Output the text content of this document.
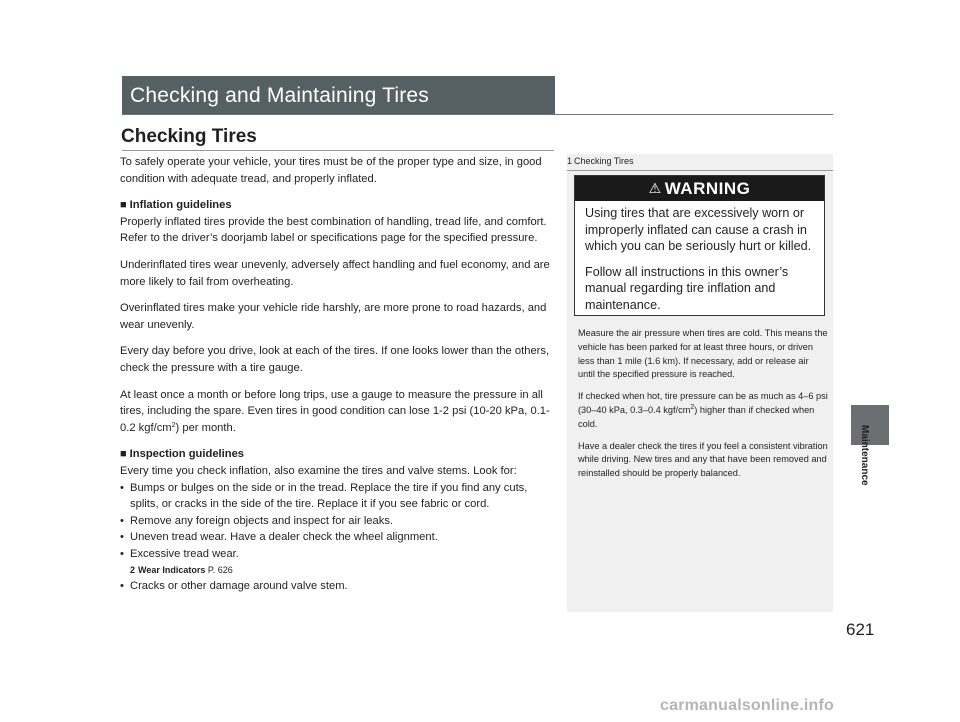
Checking and Maintaining Tires
Checking Tires

To safely operate your vehicle, your tires must be of the proper type and size, in good condition with adequate tread, and properly inflated.

■ Inflation guidelines

Properly inflated tires provide the best combination of handling, tread life, and comfort. Refer to the driver’s doorjamb label or specifications page for the specified pressure.

Underinflated tires wear unevenly, adversely affect handling and fuel economy, and are more likely to fail from overheating.

Overinflated tires make your vehicle ride harshly, are more prone to road hazards, and wear unevenly.

Every day before you drive, look at each of the tires. If one looks lower than the others, check the pressure with a tire gauge.

At least once a month or before long trips, use a gauge to measure the pressure in all tires, including the spare. Even tires in good condition can lose 1-2 psi (10-20 kPa, 0.1-0.2 kgf/$cm^2$) per month.

■ Inspection guidelines
Every time you check inflation, also examine the tires and valve stems. Look for:
• Bumps or bulges on the side or in the tread. Replace the tire if you find any cuts, splits, or cracks in the side of the tire. Replace it if you see fabric or cord.
• Remove any foreign objects and inspect for air leaks.
• Uneven tread wear. Have a dealer check the wheel alignment.
• Excessive tread wear.
2 Wear Indicators P. 626
• Cracks or other damage around valve stem.
1 Checking Tires
⚠ WARNING

Using tires that are excessively worn or improperly inflated can cause a crash in which you can be seriously hurt or killed.

Follow all instructions in this owner’s manual regarding tire inflation and maintenance.

Measure the air pressure when tires are cold. This means the vehicle has been parked for at least three hours, or driven less than 1 mile (1.6 km). If necessary, add or release air until the specified pressure is reached.

If checked when hot, tire pressure can be as much as 4–6 psi (30–40 kPa, 0.3–0.4 kgf/$cm^2$) higher than if checked when cold.

Have a dealer check the tires if you feel a consistent vibration while driving. New tires and any that have been removed and reinstalled should be properly balanced.	Maintenance
621
carmanualsonline.info
